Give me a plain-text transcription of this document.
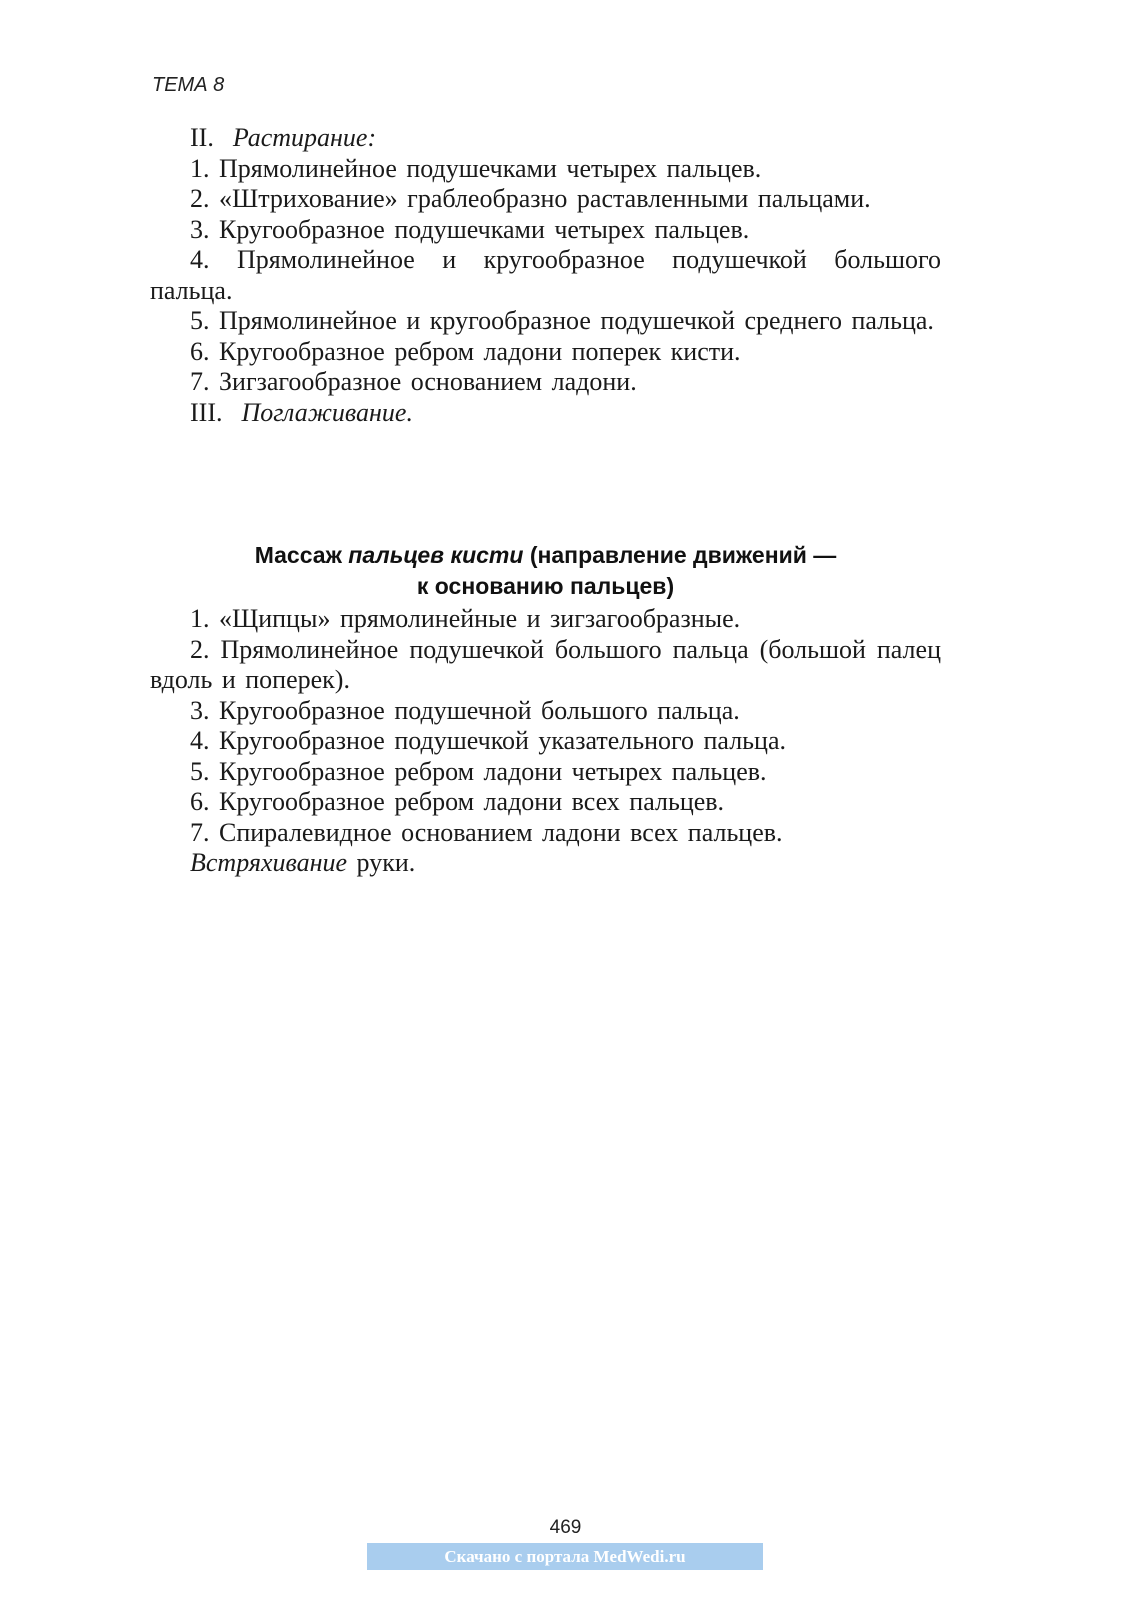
ТЕМА 8

II. Растирание:

1. Прямолинейное подушечками четырех пальцев.

2. «Штрихование» граблеобразно раставленными пальцами.

3. Кругообразное подушечками четырех пальцев.

4. Прямолинейное и кругообразное подушечкой большого пальца.

5. Прямолинейное и кругообразное подушечкой среднего пальца.

6. Кругообразное ребром ладони поперек кисти.

7. Зигзагообразное основанием ладони.

III. Поглаживание.

Массаж пальцев кисти (направление движений —
к основанию пальцев)

1. «Щипцы» прямолинейные и зигзагообразные.

2. Прямолинейное подушечкой большого пальца (большой палец вдоль и поперек).

3. Кругообразное подушечной большого пальца.

4. Кругообразное подушечкой указательного пальца.

5. Кругообразное ребром ладони четырех пальцев.

6. Кругообразное ребром ладони всех пальцев.

7. Спиралевидное основанием ладони всех пальцев.

Встряхивание руки.

469
Скачано с портала MedWedi.ru
